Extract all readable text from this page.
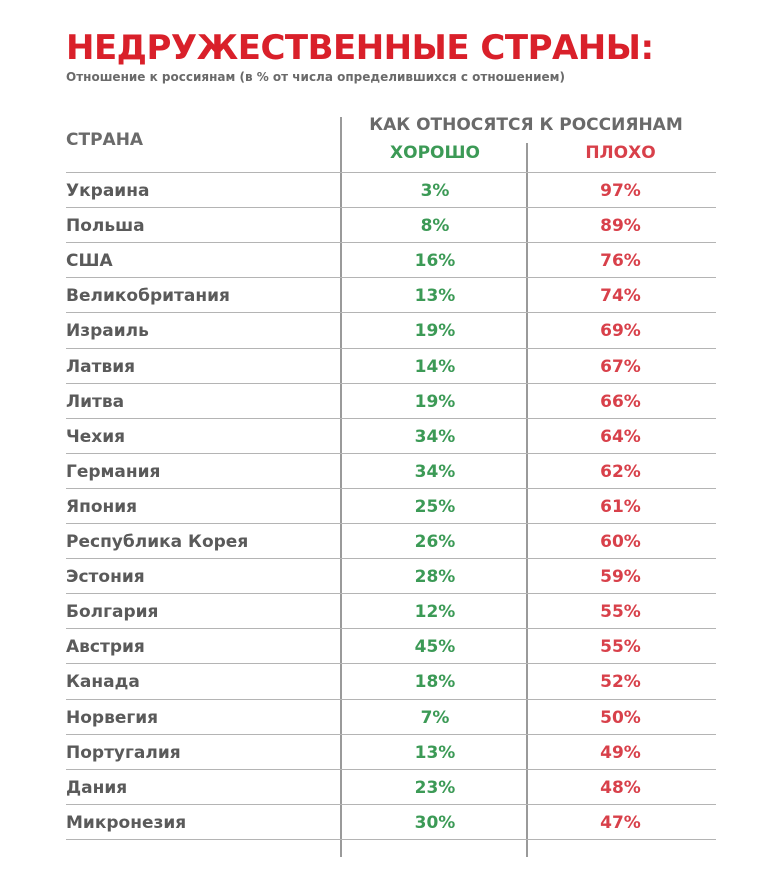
НЕДРУЖЕСТВЕННЫЕ СТРАНЫ:

Отношение к россиянам (в % от числа определившихся с отношением)

СТРАНА
КАК ОТНОСЯТСЯ К РОССИЯНАМ
ХОРОШО	ПЛОХО
Украина	3%	97%
Польша	8%	89%
США	16%	76%
Великобритания	13%	74%
Израиль	19%	69%
Латвия	14%	67%
Литва	19%	66%
Чехия	34%	64%
Германия	34%	62%
Япония	25%	61%
Республика Корея	26%	60%
Эстония	28%	59%
Болгария	12%	55%
Австрия	45%	55%
Канада	18%	52%
Норвегия	7%	50%
Португалия	13%	49%
Дания	23%	48%
Микронезия	30%	47%
